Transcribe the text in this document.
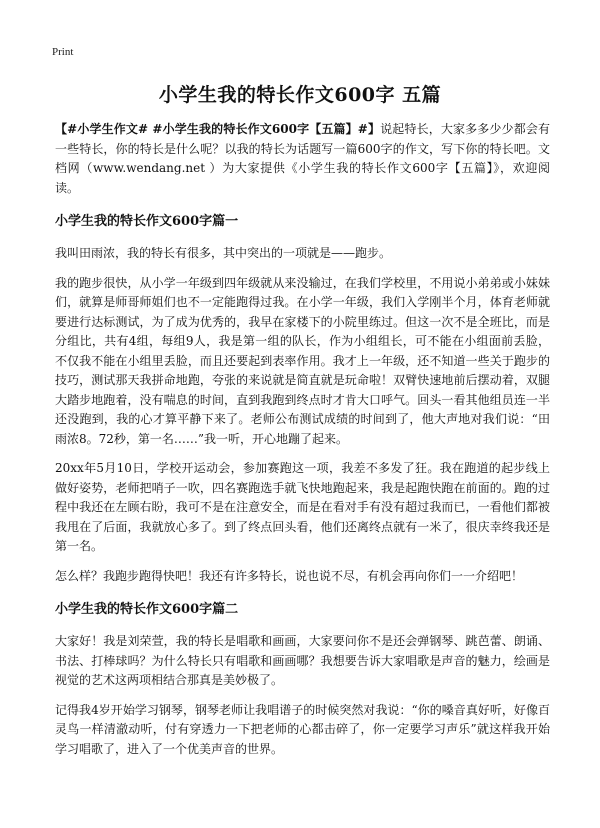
Print
小学生我的特长作文600字 五篇

【#小学生作文# #小学生我的特长作文600字【五篇】#】说起特长，大家多多少少都会有一些特长，你的特长是什么呢？以我的特长为话题写一篇600字的作文，写下你的特长吧。文档网（www.wendang.net ）为大家提供《小学生我的特长作文600字【五篇】》，欢迎阅读。

小学生我的特长作文600字篇一

我叫田雨浓，我的特长有很多，其中突出的一项就是——跑步。

我的跑步很快，从小学一年级到四年级就从来没输过，在我们学校里，不用说小弟弟或小妹妹们，就算是师哥师姐们也不一定能跑得过我。在小学一年级，我们入学刚半个月，体育老师就要进行达标测试，为了成为优秀的，我早在家楼下的小院里练过。但这一次不是全班比，而是分组比，共有4组，每组9人，我是第一组的队长，作为小组组长，可不能在小组面前丢脸，不仅我不能在小组里丢脸，而且还要起到表率作用。我才上一年级，还不知道一些关于跑步的技巧，测试那天我拼命地跑，夸张的来说就是简直就是玩命啦！双臂快速地前后摆动着，双腿大踏步地跑着，没有喘息的时间，直到我跑到终点时才肯大口呼气。回头一看其他组员连一半还没跑到，我的心才算平静下来了。老师公布测试成绩的时间到了，他大声地对我们说：“田雨浓8。72秒，第一名……”我一听，开心地蹦了起来。

20xx年5月10日，学校开运动会，参加赛跑这一项，我差不多发了狂。我在跑道的起步线上做好姿势，老师把哨子一吹，四名赛跑选手就飞快地跑起来，我是起跑快跑在前面的。跑的过程中我还在左顾右盼，我可不是在注意安全，而是在看对手有没有超过我而已，一看他们都被我甩在了后面，我就放心多了。到了终点回头看，他们还离终点就有一米了，很庆幸终我还是第一名。

怎么样？我跑步跑得快吧！我还有许多特长，说也说不尽，有机会再向你们一一介绍吧！

小学生我的特长作文600字篇二

大家好！我是刘荣萱，我的特长是唱歌和画画，大家要问你不是还会弹钢琴、跳芭蕾、朗诵、书法、打棒球吗？为什么特长只有唱歌和画画哪？我想要告诉大家唱歌是声音的魅力，绘画是视觉的艺术这两项相结合那真是美妙极了。

记得我4岁开始学习钢琴，钢琴老师让我唱谱子的时候突然对我说：“你的嗓音真好听，好像百灵鸟一样清澈动听，付有穿透力一下把老师的心都击碎了，你一定要学习声乐”就这样我开始学习唱歌了，进入了一个优美声音的世界。
